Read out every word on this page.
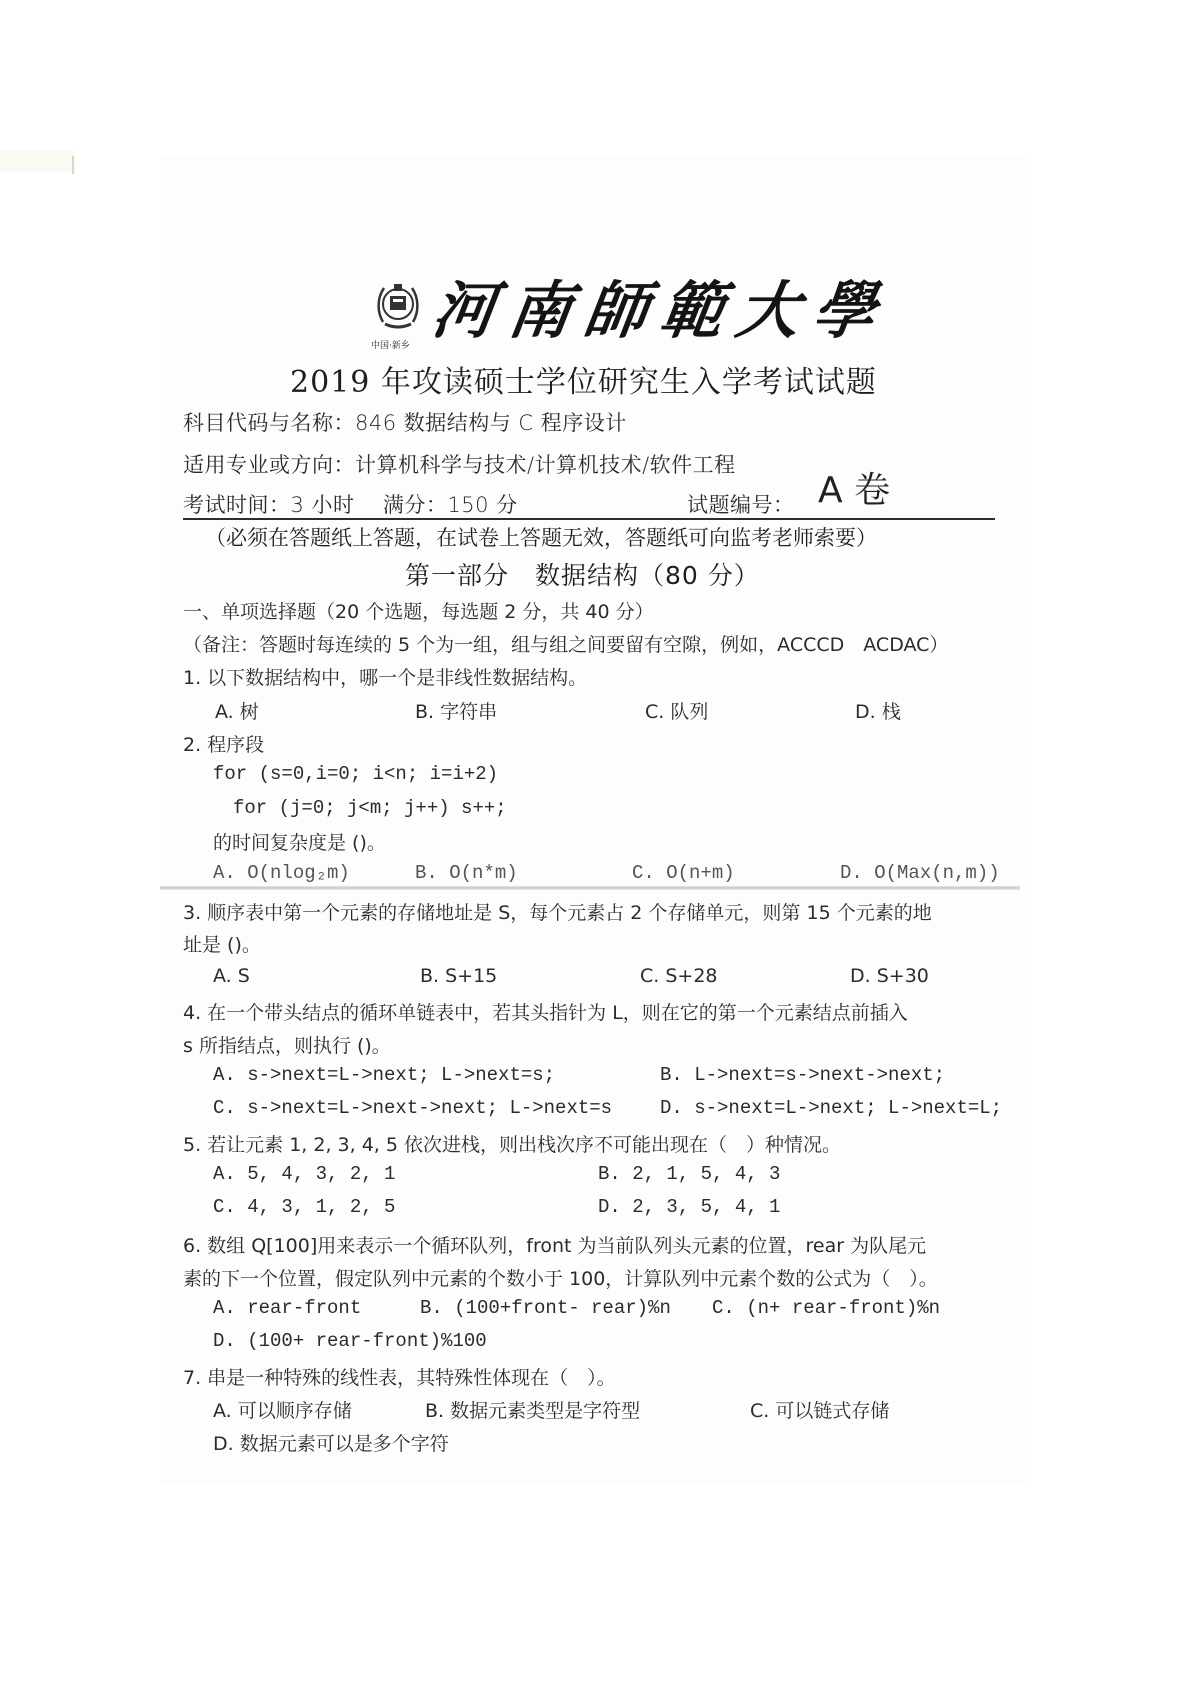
中国·新乡 河南師範大學
2019 年攻读硕士学位研究生入学考试试题
科目代码与名称：846 数据结构与 C 程序设计
适用专业或方向：计算机科学与技术/计算机技术/软件工程
考试时间：3 小时 满分：150 分	试题编号： A 卷
（必须在答题纸上答题，在试卷上答题无效，答题纸可向监考老师索要）
第一部分　数据结构（80 分）
一、单项选择题（20 个选题，每选题 2 分，共 40 分）
（备注：答题时每连续的 5 个为一组，组与组之间要留有空隙，例如，ACCCD　ACDAC）
1. 以下数据结构中，哪一个是非线性数据结构。
A. 树	B. 字符串	C. 队列	D. 栈
2. 程序段
for (s=0,i=0; i<n; i=i+2)
for (j=0; j<m; j++) s++;
的时间复杂度是 ()。
A. O(nlog₂m)	B. O(n*m)	C. O(n+m)	D. O(Max(n,m))
3. 顺序表中第一个元素的存储地址是 S，每个元素占 2 个存储单元，则第 15 个元素的地
址是 ()。
A. S	B. S+15	C. S+28	D. S+30
4. 在一个带头结点的循环单链表中，若其头指针为 L，则在它的第一个元素结点前插入
s 所指结点，则执行 ()。
A. s->next=L->next; L->next=s;	B. L->next=s->next->next;
C. s->next=L->next->next; L->next=s	D. s->next=L->next; L->next=L;
5. 若让元素 1, 2, 3, 4, 5 依次进栈，则出栈次序不可能出现在（　）种情况。
A. 5, 4, 3, 2, 1	B. 2, 1, 5, 4, 3
C. 4, 3, 1, 2, 5	D. 2, 3, 5, 4, 1
6. 数组 Q[100]用来表示一个循环队列，front 为当前队列头元素的位置，rear 为队尾元
素的下一个位置，假定队列中元素的个数小于 100，计算队列中元素个数的公式为（　）。
A. rear-front	B. (100+front- rear)%n C. (n+ rear-front)%n
D. (100+ rear-front)%100
7. 串是一种特殊的线性表，其特殊性体现在（　）。
A. 可以顺序存储	B. 数据元素类型是字符型	C. 可以链式存储
D. 数据元素可以是多个字符
